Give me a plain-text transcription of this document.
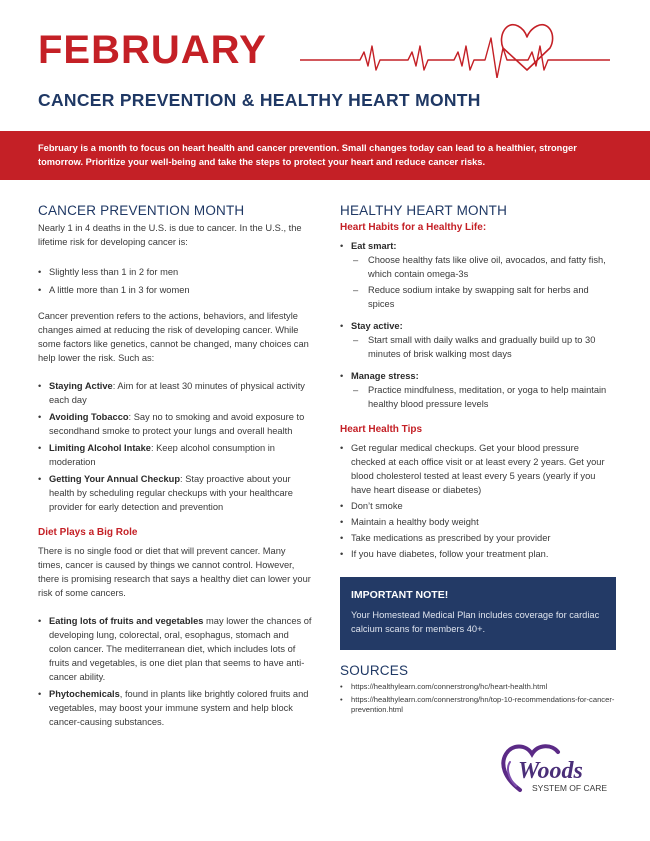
FEBRUARY
CANCER PREVENTION & HEALTHY HEART MONTH
February is a month to focus on heart health and cancer prevention. Small changes today can lead to a healthier, stronger tomorrow. Prioritize your well-being and take the steps to protect your heart and reduce cancer risks.
CANCER PREVENTION MONTH

Nearly 1 in 4 deaths in the U.S. is due to cancer. In the U.S., the lifetime risk for developing cancer is:

• Slightly less than 1 in 2 for men
• A little more than 1 in 3 for women

Cancer prevention refers to the actions, behaviors, and lifestyle changes aimed at reducing the risk of developing cancer. While some factors like genetics, cannot be changed, many choices can help lower the risk. Such as:

• Staying Active: Aim for at least 30 minutes of physical activity each day
• Avoiding Tobacco: Say no to smoking and avoid exposure to secondhand smoke to protect your lungs and overall health
• Limiting Alcohol Intake: Keep alcohol consumption in moderation
• Getting Your Annual Checkup: Stay proactive about your health by scheduling regular checkups with your healthcare provider for early detection and prevention
Diet Plays a Big Role

There is no single food or diet that will prevent cancer. Many times, cancer is caused by things we cannot control. However, there is promising research that says a healthy diet can lower your risk of some cancers.

• Eating lots of fruits and vegetables may lower the chances of developing lung, colorectal, oral, esophagus, stomach and colon cancer. The mediterranean diet, which includes lots of fruits and vegetables, is one diet plan that seems to have anti-cancer ability.
• Phytochemicals, found in plants like brightly colored fruits and vegetables, may boost your immune system and help block cancer-causing substances.
HEALTHY HEART MONTH
Heart Habits for a Healthy Life:
• Eat smart:
– Choose healthy fats like olive oil, avocados, and fatty fish, which contain omega-3s
– Reduce sodium intake by swapping salt for herbs and spices
• Stay active:
– Start small with daily walks and gradually build up to 30 minutes of brisk walking most days
• Manage stress:
– Practice mindfulness, meditation, or yoga to help maintain healthy blood pressure levels
Heart Health Tips
• Get regular medical checkups. Get your blood pressure checked at each office visit or at least every 2 years. Get your blood cholesterol tested at least every 5 years (yearly if you have heart disease or diabetes)
• Don’t smoke
• Maintain a healthy body weight
• Take medications as prescribed by your provider
• If you have diabetes, follow your treatment plan.
IMPORTANT NOTE!

Your Homestead Medical Plan includes coverage for cardiac calcium scans for members 40+.

SOURCES
• https://healthylearn.com/connerstrong/hc/heart-health.html
• https://healthylearn.com/connerstrong/hn/top-10-recommendations-for-cancer-prevention.html
Woods
SYSTEM OF CARE
